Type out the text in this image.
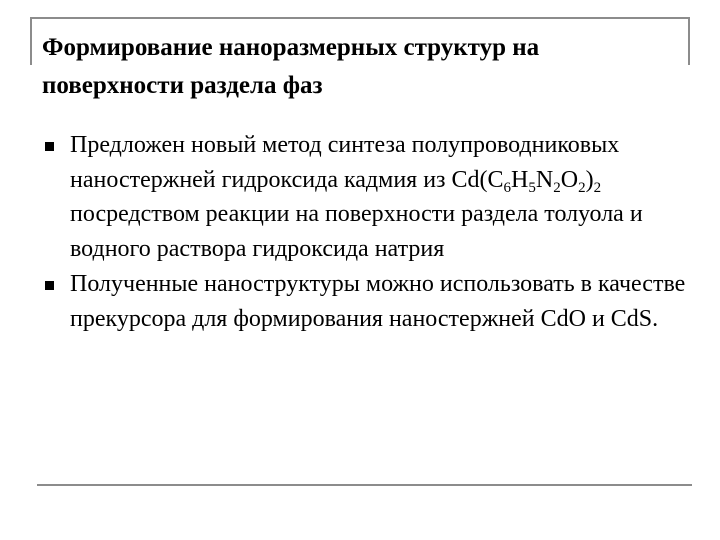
Формирование наноразмерных структур на поверхности раздела фаз
Предложен новый метод синтеза полупроводниковых наностержней гидроксида кадмия из $Cd(C_6H_5N_2O_2)_2$ посредством реакции на поверхности раздела толуола и водного раствора гидроксида натрия
Полученные наноструктуры можно использовать в качестве прекурсора для формирования наностержней CdO и CdS.
